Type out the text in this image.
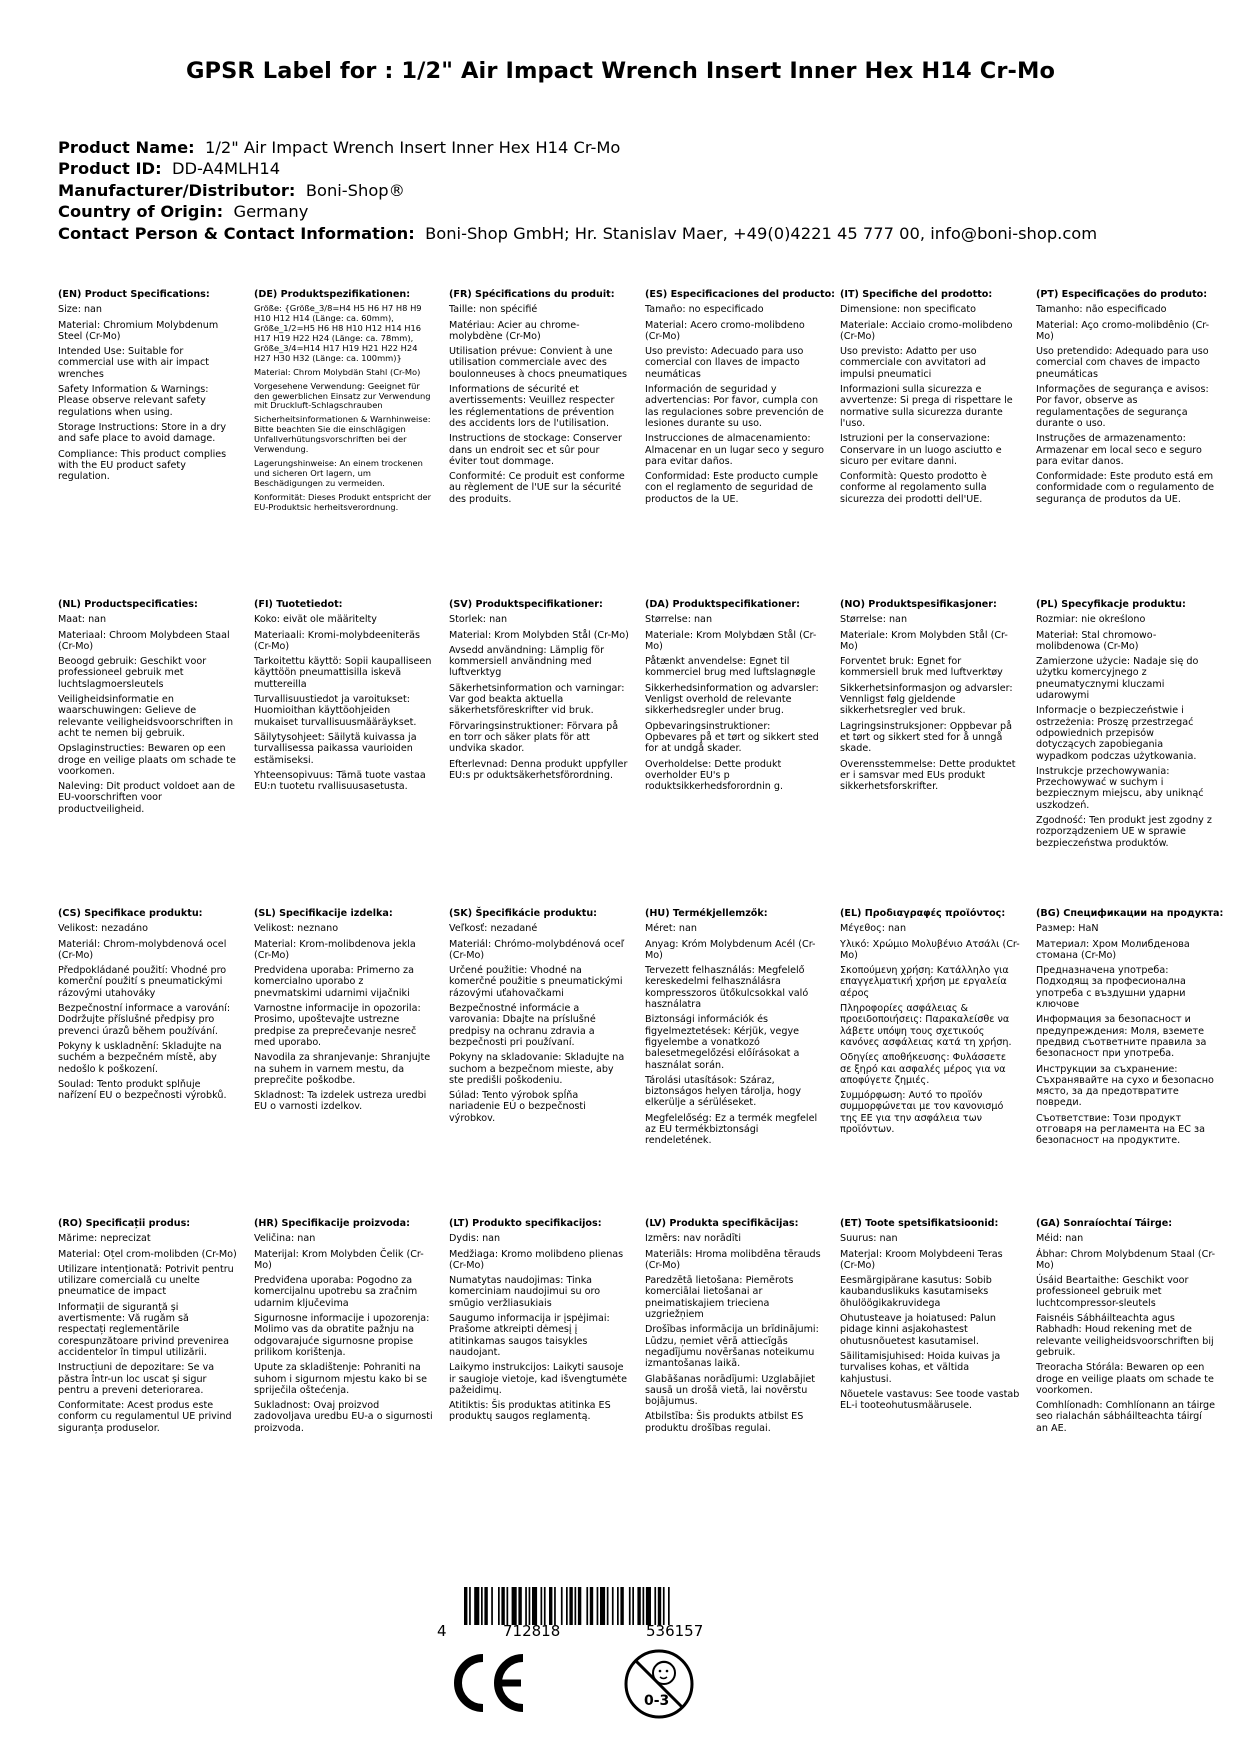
GPSR Label for : 1/2" Air Impact Wrench Insert Inner Hex H14 Cr-Mo
Product Name: 1/2" Air Impact Wrench Insert Inner Hex H14 Cr-Mo
Product ID: DD-A4MLH14
Manufacturer/Distributor: Boni-Shop®
Country of Origin: Germany
Contact Person & Contact Information: Boni-Shop GmbH; Hr. Stanislav Maer, +49(0)4221 45 777 00, info@boni-shop.com
(EN) Product Specifications:
Size: nan
Material: Chromium Molybdenum Steel (Cr-Mo)
Intended Use: Suitable for commercial use with air impact wrenches
Safety Information & Warnings: Please observe relevant safety regulations when using.
Storage Instructions: Store in a dry and safe place to avoid damage.
Compliance: This product complies with the EU product safety regulation.
(DE) Produktspezifikationen:
Größe: {Größe_3/8=H4 H5 H6 H7 H8 H9 H10 H12 H14 (Länge: ca. 60mm), Größe_1/2=H5 H6 H8 H10 H12 H14 H16 H17 H19 H22 H24 (Länge: ca. 78mm), Größe_3/4=H14 H17 H19 H21 H22 H24 H27 H30 H32 (Länge: ca. 100mm)}
Material: Chrom Molybdän Stahl (Cr-Mo)
Vorgesehene Verwendung: Geeignet für den gewerblichen Einsatz zur Verwendung mit Druckluft-Schlagschrauben
Sicherheitsinformationen & Warnhinweise: Bitte beachten Sie die einschlägigen Unfallverhütungsvorschriften bei der Verwendung.
Lagerungshinweise: An einem trockenen und sicheren Ort lagern, um Beschädigungen zu vermeiden.
Konformität: Dieses Produkt entspricht der EU-Produktsic herheitsverordnung.
(FR) Spécifications du produit:
Taille: non spécifié
Matériau: Acier au chrome-molybdène (Cr-Mo)
Utilisation prévue: Convient à une utilisation commerciale avec des boulonneuses à chocs pneumatiques
Informations de sécurité et avertissements: Veuillez respecter les réglementations de prévention des accidents lors de l'utilisation.
Instructions de stockage: Conserver dans un endroit sec et sûr pour éviter tout dommage.
Conformité: Ce produit est conforme au règlement de l'UE sur la sécurité des produits.
(ES) Especificaciones del producto:
Tamaño: no especificado
Material: Acero cromo-molibdeno (Cr-Mo)
Uso previsto: Adecuado para uso comercial con llaves de impacto neumáticas
Información de seguridad y advertencias: Por favor, cumpla con las regulaciones sobre prevención de lesiones durante su uso.
Instrucciones de almacenamiento: Almacenar en un lugar seco y seguro para evitar daños.
Conformidad: Este producto cumple con el reglamento de seguridad de productos de la UE.
(IT) Specifiche del prodotto:
Dimensione: non specificato
Materiale: Acciaio cromo-molibdeno (Cr-Mo)
Uso previsto: Adatto per uso commerciale con avvitatori ad impulsi pneumatici
Informazioni sulla sicurezza e avvertenze: Si prega di rispettare le normative sulla sicurezza durante l'uso.
Istruzioni per la conservazione: Conservare in un luogo asciutto e sicuro per evitare danni.
Conformità: Questo prodotto è conforme al regolamento sulla sicurezza dei prodotti dell'UE.
(PT) Especificações do produto:
Tamanho: não especificado
Material: Aço cromo-molibdênio (Cr-Mo)
Uso pretendido: Adequado para uso comercial com chaves de impacto pneumáticas
Informações de segurança e avisos: Por favor, observe as regulamentações de segurança durante o uso.
Instruções de armazenamento: Armazenar em local seco e seguro para evitar danos.
Conformidade: Este produto está em conformidade com o regulamento de segurança de produtos da UE.
(NL) Productspecificaties:
Maat: nan
Materiaal: Chroom Molybdeen Staal (Cr-Mo)
Beoogd gebruik: Geschikt voor professioneel gebruik met luchtslagmoersleutels
Veiligheidsinformatie en waarschuwingen: Gelieve de relevante veiligheidsvoorschriften in acht te nemen bij gebruik.
Opslaginstructies: Bewaren op een droge en veilige plaats om schade te voorkomen.
Naleving: Dit product voldoet aan de EU-voorschriften voor productveiligheid.
(FI) Tuotetiedot:
Koko: eivät ole määritelty
Materiaali: Kromi-molybdeeniteräs (Cr-Mo)
Tarkoitettu käyttö: Sopii kaupalliseen käyttöön pneumattisilla iskevä mutterеilla
Turvallisuustiedot ja varoitukset: Huomioithan käyttöohjeiden mukaiset turvallisuusmääräykset.
Säilytysohjeet: Säilytä kuivassa ja turvallisessa paikassa vaurioiden estämiseksi.
Yhteensopivuus: Tämä tuote vastaa EU:n tuotetu rvallisuusasetusta.
(SV) Produktspecifikationer:
Storlek: nan
Material: Krom Molybden Stål (Cr-Mo)
Avsedd användning: Lämplig för kommersiell användning med luftverktyg
Säkerhetsinformation och varningar: Var god beakta aktuella säkerhetsföreskrifter vid bruk.
Förvaringsinstruktioner: Förvara på en torr och säker plats för att undvika skador.
Efterlevnad: Denna produkt uppfyller EU:s pr oduktsäkerhetsförordning.
(DA) Produktspecifikationer:
Størrelse: nan
Materiale: Krom Molybdæn Stål (Cr-Mo)
Påtænkt anvendelse: Egnet til kommerciel brug med luftslagnøgle
Sikkerhedsinformation og advarsler: Venligst overhold de relevante sikkerhedsregler under brug.
Opbevaringsinstruktioner: Opbevares på et tørt og sikkert sted for at undgå skader.
Overholdelse: Dette produkt overholder EU's p roduktsikkerhedsforordnin g.
(NO) Produktspesifikasjoner:
Størrelse: nan
Materiale: Krom Molybden Stål (Cr-Mo)
Forventet bruk: Egnet for kommersiell bruk med luftverktøy
Sikkerhetsinformasjon og advarsler: Vennligst følg gjeldende sikkerhetsregler ved bruk.
Lagringsinstruksjoner: Oppbevar på et tørt og sikkert sted for å unngå skade.
Overensstemmelse: Dette produktet er i samsvar med EUs produkt sikkerhetsforskrifter.
(PL) Specyfikacje produktu:
Rozmiar: nie określono
Materiał: Stal chromowo-molibdenowa (Cr-Mo)
Zamierzone użycie: Nadaje się do użytku komercyjnego z pneumatycznymi kluczami udarowymi
Informacje o bezpieczeństwie i ostrzeżenia: Proszę przestrzegać odpowiednich przepisów dotyczących zapobiegania wypadkom podczas użytkowania.
Instrukcje przechowywania: Przechowywać w suchym i bezpiecznym miejscu, aby uniknąć uszkodzeń.
Zgodność: Ten produkt jest zgodny z rozporządzeniem UE w sprawie bezpieczeństwa produktów.
(CS) Specifikace produktu:
Velikost: nezadáno
Materiál: Chrom-molybdenová ocel (Cr-Mo)
Předpokládané použití: Vhodné pro komerční použití s pneumatickými rázovými utahováky
Bezpečnostní informace a varování: Dodržujte příslušné předpisy pro prevenci úrazů během používání.
Pokyny k uskladnění: Skladujte na suchém a bezpečném místě, aby nedošlo k poškození.
Soulad: Tento produkt splňuje nařízení EU o bezpečnosti výrobků.
(SL) Specifikacije izdelka:
Velikost: neznano
Material: Krom-molibdenova jekla (Cr-Mo)
Predvidena uporaba: Primerno za komercialno uporabo z pnevmatskimi udarnimi vijačniki
Varnostne informacije in opozorila: Prosimo, upoštevajte ustrezne predpise za preprečevanje nesreč med uporabo.
Navodila za shranjevanje: Shranjujte na suhem in varnem mestu, da preprečite poškodbe.
Skladnost: Ta izdelek ustreza uredbi EU o varnosti izdelkov.
(SK) Špecifikácie produktu:
Veľkosť: nezadané
Materiál: Chrómo-molybdénová oceľ (Cr-Mo)
Určené použitie: Vhodné na komerčné použitie s pneumatickými rázovými uťahovačkami
Bezpečnostné informácie a varovania: Dbajte na príslušné predpisy na ochranu zdravia a bezpečnosti pri používaní.
Pokyny na skladovanie: Skladujte na suchom a bezpečnom mieste, aby ste predišli poškodeniu.
Súlad: Tento výrobok spĺňa nariadenie EÚ o bezpečnosti výrobkov.
(HU) Termékjellemzők:
Méret: nan
Anyag: Króm Molybdenum Acél (Cr-Mo)
Tervezett felhasználás: Megfelelő kereskedelmi felhasználásra kompresszoros ütőkulcsokkal való használatra
Biztonsági információk és figyelmeztetések: Kérjük, vegye figyelembe a vonatkozó balesetmegelőzési előírásokat a használat során.
Tárolási utasítások: Száraz, biztonságos helyen tárolja, hogy elkerülje a sérüléseket.
Megfelelőség: Ez a termék megfelel az EU termékbiztonsági rendeletének.
(EL) Προδιαγραφές προϊόντος:
Μέγεθος: nan
Υλικό: Χρώμιο Μολυβένιο Ατσάλι (Cr-Mo)
Σκοπούμενη χρήση: Κατάλληλο για επαγγελματική χρήση με εργαλεία αέρος
Πληροφορίες ασφάλειας & προειδοποιήσεις: Παρακαλείσθε να λάβετε υπόψη τους σχετικούς κανόνες ασφάλειας κατά τη χρήση.
Οδηγίες αποθήκευσης: Φυλάσσετε σε ξηρό και ασφαλές μέρος για να αποφύγετε ζημιές.
Συμμόρφωση: Αυτό το προϊόν συμμορφώνεται με τον κανονισμό της ΕΕ για την ασφάλεια των προϊόντων.
(BG) Спецификации на продукта:
Размер: НаN
Материал: Хром Молибденова стомана (Cr-Mo)
Предназначена употреба: Подходящ за професионална употреба с въздушни ударни ключове
Информация за безопасност и предупреждения: Моля, вземете предвид съответните правила за безопасност при употреба.
Инструкции за съхранение: Съхранявайте на сухо и безопасно място, за да предотвратите повреди.
Съответствие: Този продукт отговаря на регламента на ЕС за безопасност на продуктите.
(RO) Specificații produs:
Mărime: neprecizat
Material: Oțel crom-molibden (Cr-Mo)
Utilizare intenționată: Potrivit pentru utilizare comercială cu unelte pneumatice de impact
Informații de siguranță și avertismente: Vă rugăm să respectați reglementările corespunzătoare privind prevenirea accidentelor în timpul utilizării.
Instrucțiuni de depozitare: Se va păstra într-un loc uscat și sigur pentru a preveni deteriorarea.
Conformitate: Acest produs este conform cu regulamentul UE privind siguranța produselor.
(HR) Specifikacije proizvoda:
Veličina: nan
Materijal: Krom Molybden Čelik (Cr-Mo)
Predviđena uporaba: Pogodno za komercijalnu upotrebu sa zračnim udarnim ključevima
Sigurnosne informacije i upozorenja: Molimo vas da obratite pažnju na odgovarajuće sigurnosne propise prilikom korištenja.
Upute za skladištenje: Pohraniti na suhom i sigurnom mjestu kako bi se spriječila oštećenja.
Sukladnost: Ovaj proizvod zadovoljava uredbu EU-a o sigurnosti proizvoda.
(LT) Produkto specifikacijos:
Dydis: nan
Medžiaga: Kromo molibdeno plienas (Cr-Mo)
Numatytas naudojimas: Tinka komerciniam naudojimui su oro smūgio veržliasukiais
Saugumo informacija ir įspėjimai: Prašome atkreipti dėmesį į atitinkamas saugos taisykles naudojant.
Laikymo instrukcijos: Laikyti sausoje ir saugioje vietoje, kad išvengtumėte pažeidimų.
Atitiktis: Šis produktas atitinka ES produktų saugos reglamentą.
(LV) Produkta specifikācijas:
Izmērs: nav norādīti
Materiāls: Hroma molibdēna tērauds (Cr-Mo)
Paredzētā lietošana: Piemērots komerciālai lietošanai ar pneimatiskajiem trieciena uzgriežņiem
Drošības informācija un brīdinājumi: Lūdzu, ņemiet vērā attiecīgās negadījumu novēršanas noteikumu izmantošanas laikā.
Glabāšanas norādījumi: Uzglabājiet sausā un drošā vietā, lai novērstu bojājumus.
Atbilstība: Šis produkts atbilst ES produktu drošības regulai.
(ET) Toote spetsifikatsioonid:
Suurus: nan
Materjal: Kroom Molybdeeni Teras (Cr-Mo)
Eesmärgipärane kasutus: Sobib kaubanduslikuks kasutamiseks õhulöögikakruvidega
Ohutusteave ja hoiatused: Palun pidage kinni asjakohastest ohutusnõuetest kasutamisel.
Säilitamisjuhised: Hoida kuivas ja turvalises kohas, et vältida kahjustusi.
Nõuetele vastavus: See toode vastab EL-i tooteohutusmäärusele.
(GA) Sonraíochtaí Táirge:
Méid: nan
Ábhar: Chrom Molybdenum Staal (Cr-Mo)
Úsáid Beartaithe: Geschikt voor professioneel gebruik met luchtcompressor-sleutels
Faisnéis Sábháilteachta agus Rabhadh: Houd rekening met de relevante veiligheidsvoorschriften bij gebruik.
Treoracha Stórála: Bewaren op een droge en veilige plaats om schade te voorkomen.
Comhlíonadh: Comhlíonann an táirge seo rialachán sábháilteachta táirgí an AE.
4	712818	536157
0-3
